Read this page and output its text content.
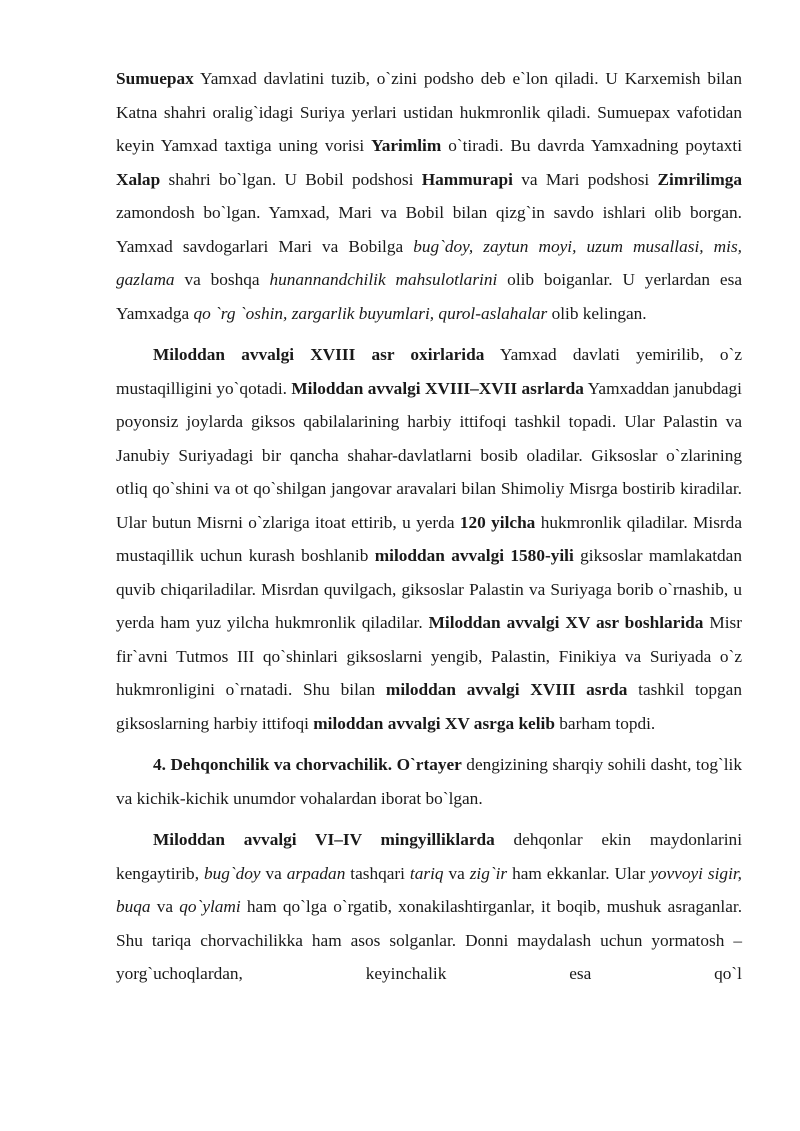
Sumuepax Yamxad davlatini tuzib, o`zini podsho deb e`lon qiladi. U Karxemish bilan Katna shahri oralig`idagi Suriya yerlari ustidan hukmronlik qiladi. Sumuepax vafotidan keyin Yamxad taxtiga uning vorisi Yarimlim o`tiradi. Bu davrda Yamxadning poytaxti Xalap shahri bo`lgan. U Bobil podshosi Hammurapi va Mari podshosi Zimrilimga zamondosh bo`lgan. Yamxad, Mari va Bobil bilan qizg`in savdo ishlari olib borgan. Yamxad savdogarlari Mari va Bobilga bug`doy, zaytun moyi, uzum musallasi, mis, gazlama va boshqa hunannandchilik mahsulotlarini olib boiganlar. U yerlardan esa Yamxadga qo `rg `oshin, zargarlik buyumlari, qurol-aslahalar olib kelingan.

Miloddan avvalgi XVIII asr oxirlarida Yamxad davlati yemirilib, o`z mustaqilligini yo`qotadi. Miloddan avvalgi XVIII–XVII asrlarda Yamxaddan janubdagi poyonsiz joylarda giksos qabilalarining harbiy ittifoqi tashkil topadi. Ular Palastin va Janubiy Suriyadagi bir qancha shahar-davlatlarni bosib oladilar. Giksoslar o`zlarining otliq qo`shini va ot qo`shilgan jangovar aravalari bilan Shimoliy Misrga bostirib kiradilar. Ular butun Misrni o`zlariga itoat ettirib, u yerda 120 yilcha hukmronlik qiladilar. Misrda mustaqillik uchun kurash boshlanib miloddan avvalgi 1580-yili giksoslar mamlakatdan quvib chiqariladilar. Misrdan quvilgach, giksoslar Palastin va Suriyaga borib o`rnashib, u yerda ham yuz yilcha hukmronlik qiladilar. Miloddan avvalgi XV asr boshlarida Misr fir`avni Tutmos III qo`shinlari giksoslarni yengib, Palastin, Finikiya va Suriyada o`z hukmronligini o`rnatadi. Shu bilan miloddan avvalgi XVIII asrda tashkil topgan giksoslarning harbiy ittifoqi miloddan avvalgi XV asrga kelib barham topdi.

4. Dehqonchilik va chorvachilik. O`rtayer dengizining sharqiy sohili dasht, tog`lik va kichik-kichik unumdor vohalardan iborat bo`lgan.

Miloddan avvalgi VI–IV mingyilliklarda dehqonlar ekin maydonlarini kengaytirib, bug`doy va arpadan tashqari tariq va zig`ir ham ekkanlar. Ular yovvoyi sigir, buqa va qo`ylami ham qo`lga o`rgatib, xonakilashtirganlar, it boqib, mushuk asraganlar. Shu tariqa chorvachilikka ham asos solganlar. Donni maydalash uchun yormatosh – yorg`uchoqlardan, keyinchalik esa qo`l
